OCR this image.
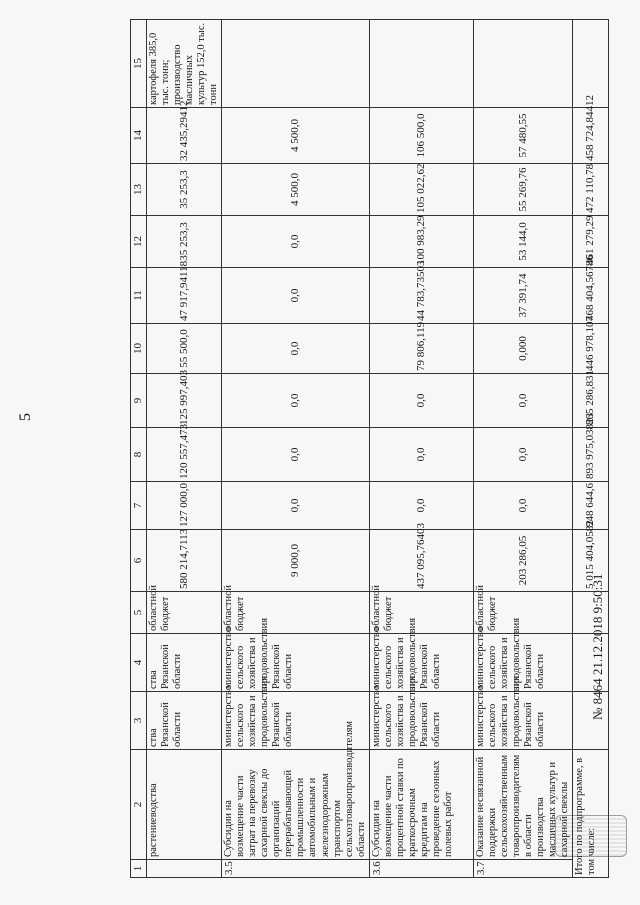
5
№ 8464 21.12.2018 9:50:31
1	2	3	4	5	6	7	8	9	10	11	12	13	14	15
	растениеводства	ства Рязанской области	ства Рязанской области	областной бюджет	580 214,7113	127 000,0	120 557,473	125 997,403	55 500,0	47 917,94118	35 253,3	35 253,3	32 435,29412	картофеля 385,0 тыс. тонн; производство масличных культур 152,0 тыс. тонн
3.5	Субсидии на возмещение части затрат на перевозку сахарной свеклы до организаций перерабатывающей промышленности автомобильным и железнодорожным транспортом сельхозтоваропроизводителям области	министерство сельского хозяйства и продовольствия Рязанской области	министерство сельского хозяйства и продовольствия Рязанской области	областной бюджет	9 000,0	0,0	0,0	0,0	0,0	0,0	0,0	4 500,0	4 500,0	
3.6	Субсидии на возмещение части процентной ставки по краткосрочным кредитам на проведение сезонных полевых работ	министерство сельского хозяйства и продовольствия Рязанской области	министерство сельского хозяйства и продовольствия Рязанской области	областной бюджет	437 095,76403	0,0	0,0	0,0	79 806,119	44 783,73503	100 983,29	105 022,62	106 500,0	
3.7	Оказание несвязанной поддержки сельскохозяйственным товаропроизводителям в области производства масличных культур и сахарной свеклы	министерство сельского хозяйства и продовольствия Рязанской области	министерство сельского хозяйства и продовольствия Рязанской области	областной бюджет	203 286,05	0,0	0,0	0,0	0,000	37 391,74	53 144,0	55 269,76	57 480,55	
Итого по подпрограмме, в том числе:					5 015 404,0582	948 644,6	893 975,03823	865 286,831	446 978,107	468 404,56786	461 279,29	472 110,78	458 724,84412	
